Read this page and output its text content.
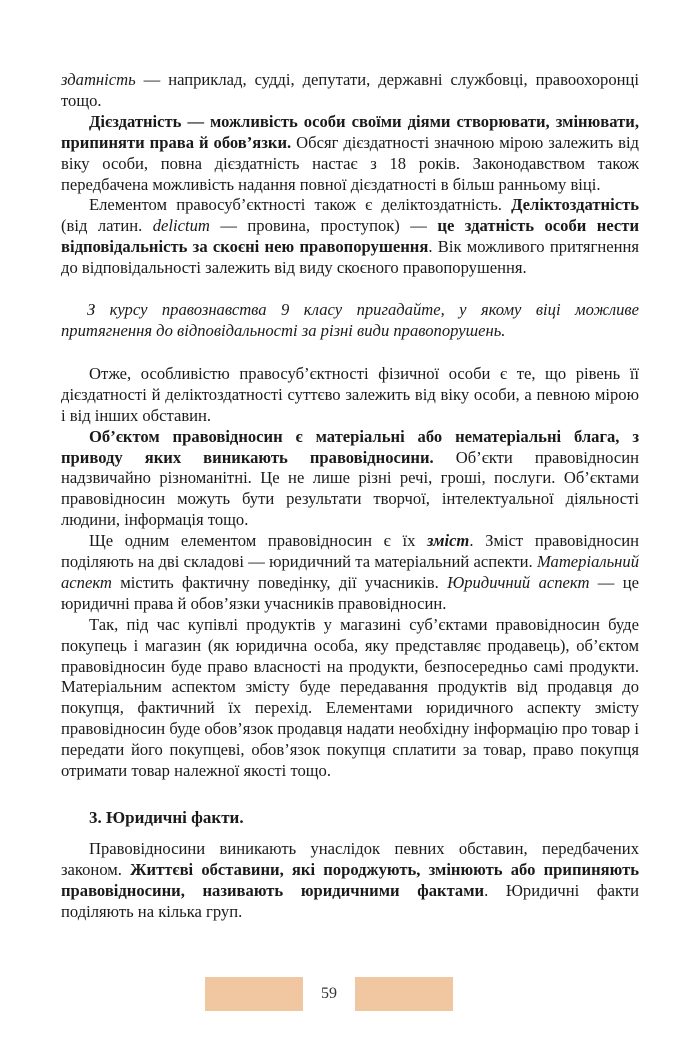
здатність — наприклад, судді, депутати, державні службовці, правоохоронці тощо.

Дієздатність — можливість особи своїми діями створювати, змінювати, припиняти права й обов’язки. Обсяг дієздатності значною мірою залежить від віку особи, повна дієздатність настає з 18 років. Законодавством також передбачена можливість надання повної дієздатності в більш ранньому віці.

Елементом правосуб’єктності також є деліктоздатність. Деліктоздатність (від латин. delictum — провина, проступок) — це здатність особи нести відповідальність за скоєні нею правопорушення. Вік можливого притягнення до відповідальності залежить від виду скоєного правопорушення.

З курсу правознавства 9 класу пригадайте, у якому віці можливе притягнення до відповідальності за різні види правопорушень.

Отже, особливістю правосуб’єктності фізичної особи є те, що рівень її дієздатності й деліктоздатності суттєво залежить від віку особи, а певною мірою і від інших обставин.

Об’єктом правовідносин є матеріальні або нематеріальні блага, з приводу яких виникають правовідносини. Об’єкти правовідносин надзвичайно різноманітні. Це не лише різні речі, гроші, послуги. Об’єктами правовідносин можуть бути результати творчої, інтелектуальної діяльності людини, інформація тощо.

Ще одним елементом правовідносин є їх зміст. Зміст правовідносин поділяють на дві складові — юридичний та матеріальний аспекти. Матеріальний аспект містить фактичну поведінку, дії учасників. Юридичний аспект — це юридичні права й обов’язки учасників правовідносин.

Так, під час купівлі продуктів у магазині суб’єктами правовідносин буде покупець і магазин (як юридична особа, яку представляє продавець), об’єктом правовідносин буде право власності на продукти, безпосередньо самі продукти. Матеріальним аспектом змісту буде передавання продуктів від продавця до покупця, фактичний їх перехід. Елементами юридичного аспекту змісту правовідносин буде обов’язок продавця надати необхідну інформацію про товар і передати його покупцеві, обов’язок покупця сплатити за товар, право покупця отримати товар належної якості тощо.

3. Юридичні факти.

Правовідносини виникають унаслідок певних обставин, передбачених законом. Життєві обставини, які породжують, змінюють або припиняють правовідносини, називають юридичними фактами. Юридичні факти поділяють на кілька груп.

59
